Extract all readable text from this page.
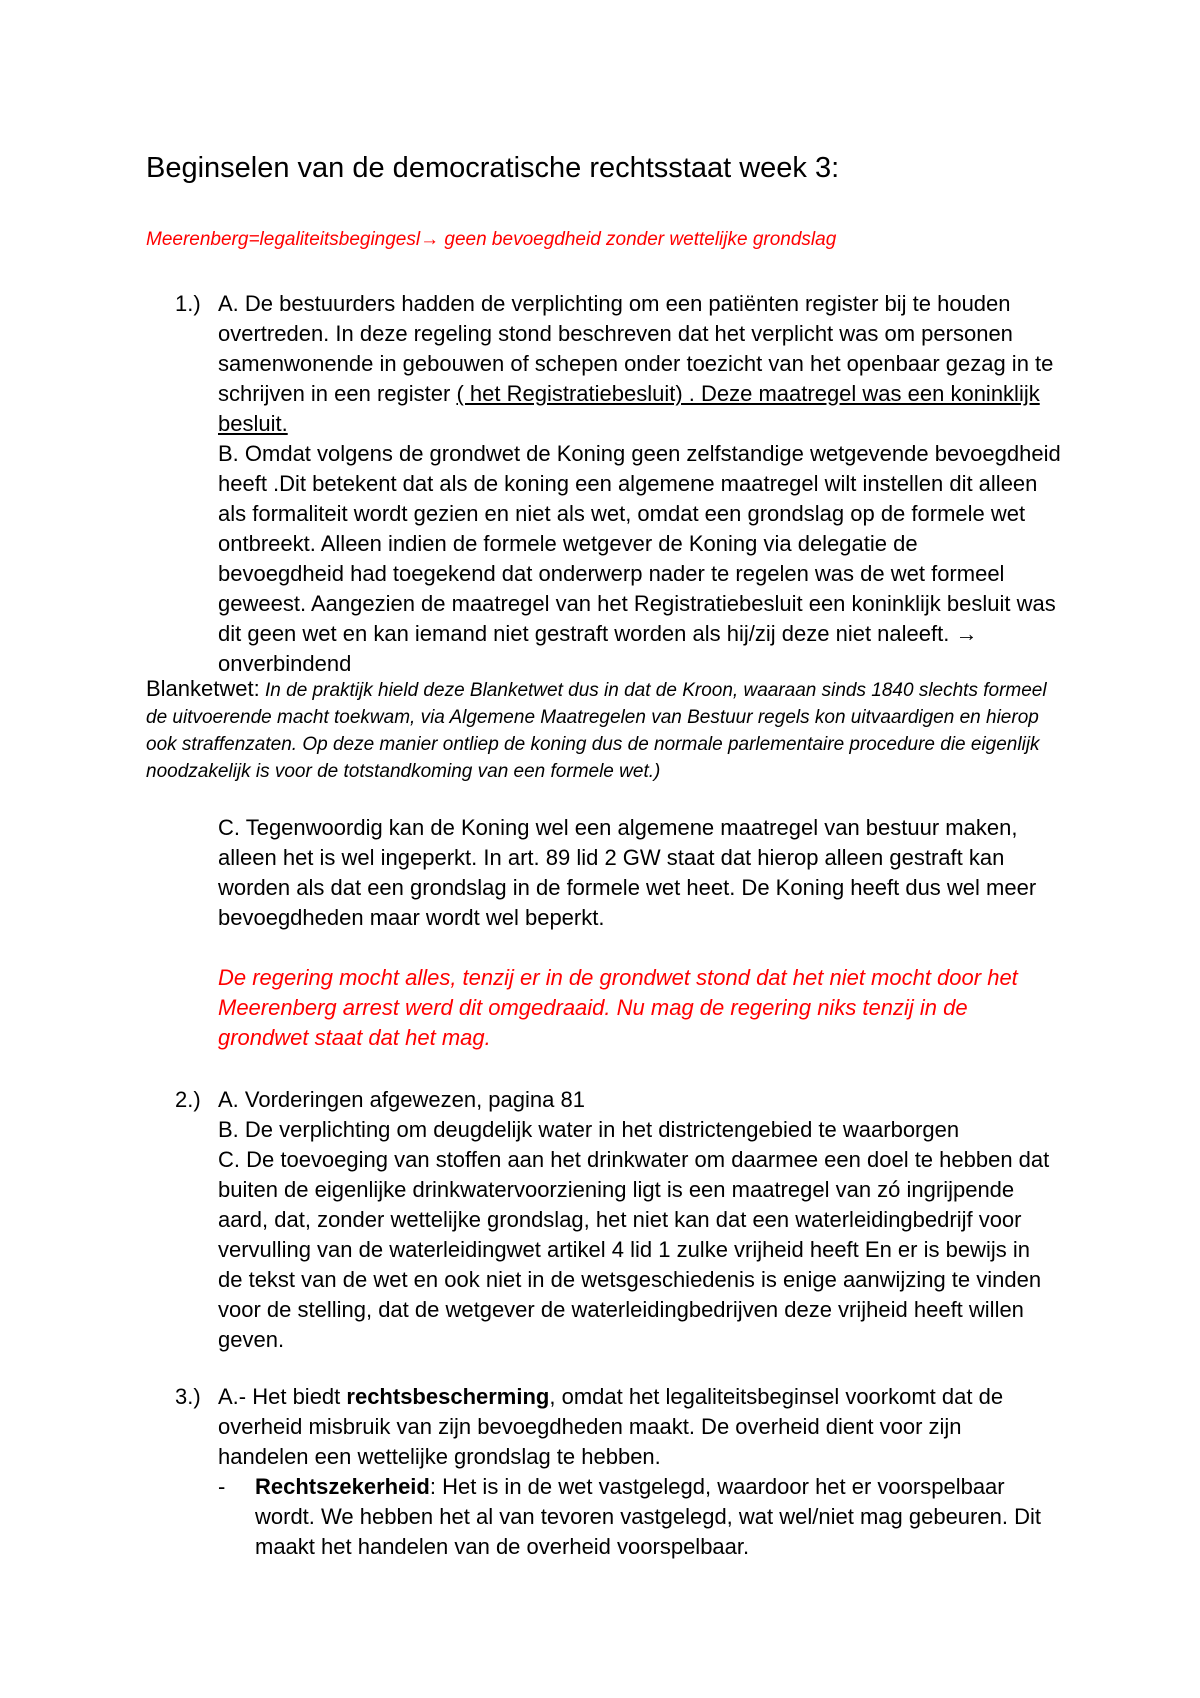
Beginselen van de democratische rechtsstaat week 3:
Meerenberg=legaliteitsbegingesl→ geen bevoegdheid zonder wettelijke grondslag
1.) A. De bestuurders hadden de verplichting om een patiënten register bij te houden

overtreden. In deze regeling stond beschreven dat het verplicht was om personen

samenwonende in gebouwen of schepen onder toezicht van het openbaar gezag in te

schrijven in een register ( het Registratiebesluit) . Deze maatregel was een koninklijk

besluit.

B. Omdat volgens de grondwet de Koning geen zelfstandige wetgevende bevoegdheid

heeft .Dit betekent dat als de koning een algemene maatregel wilt instellen dit alleen

als formaliteit wordt gezien en niet als wet, omdat een grondslag op de formele wet

ontbreekt. Alleen indien de formele wetgever de Koning via delegatie de

bevoegdheid had toegekend dat onderwerp nader te regelen was de wet formeel

geweest. Aangezien de maatregel van het Registratiebesluit een koninklijk besluit was

dit geen wet en kan iemand niet gestraft worden als hij/zij deze niet naleeft. →

onverbindend

Blanketwet: In de praktijk hield deze Blanketwet dus in dat de Kroon, waaraan sinds 1840 slechts formeel
de uitvoerende macht toekwam, via Algemene Maatregelen van Bestuur regels kon uitvaardigen en hierop
ook straffenzaten. Op deze manier ontliep de koning dus de normale parlementaire procedure die eigenlijk
noodzakelijk is voor de totstandkoming van een formele wet.)

C. Tegenwoordig kan de Koning wel een algemene maatregel van bestuur maken,

alleen het is wel ingeperkt. In art. 89 lid 2 GW staat dat hierop alleen gestraft kan

worden als dat een grondslag in de formele wet heet. De Koning heeft dus wel meer

bevoegdheden maar wordt wel beperkt.

De regering mocht alles, tenzij er in de grondwet stond dat het niet mocht door het

Meerenberg arrest werd dit omgedraaid. Nu mag de regering niks tenzij in de

grondwet staat dat het mag.

2.) A. Vorderingen afgewezen, pagina 81

B. De verplichting om deugdelijk water in het districtengebied te waarborgen

C. De toevoeging van stoffen aan het drinkwater om daarmee een doel te hebben dat

buiten de eigenlijke drinkwatervoorziening ligt is een maatregel van zó ingrijpende

aard, dat, zonder wettelijke grondslag, het niet kan dat een waterleidingbedrijf voor

vervulling van de waterleidingwet artikel 4 lid 1 zulke vrijheid heeft En er is bewijs in

de tekst van de wet en ook niet in de wetsgeschiedenis is enige aanwijzing te vinden

voor de stelling, dat de wetgever de waterleidingbedrijven deze vrijheid heeft willen

geven.

3.) A.- Het biedt rechtsbescherming, omdat het legaliteitsbeginsel voorkomt dat de

overheid misbruik van zijn bevoegdheden maakt. De overheid dient voor zijn

handelen een wettelijke grondslag te hebben.

- Rechtszekerheid: Het is in de wet vastgelegd, waardoor het er voorspelbaar

wordt. We hebben het al van tevoren vastgelegd, wat wel/niet mag gebeuren. Dit

maakt het handelen van de overheid voorspelbaar.
